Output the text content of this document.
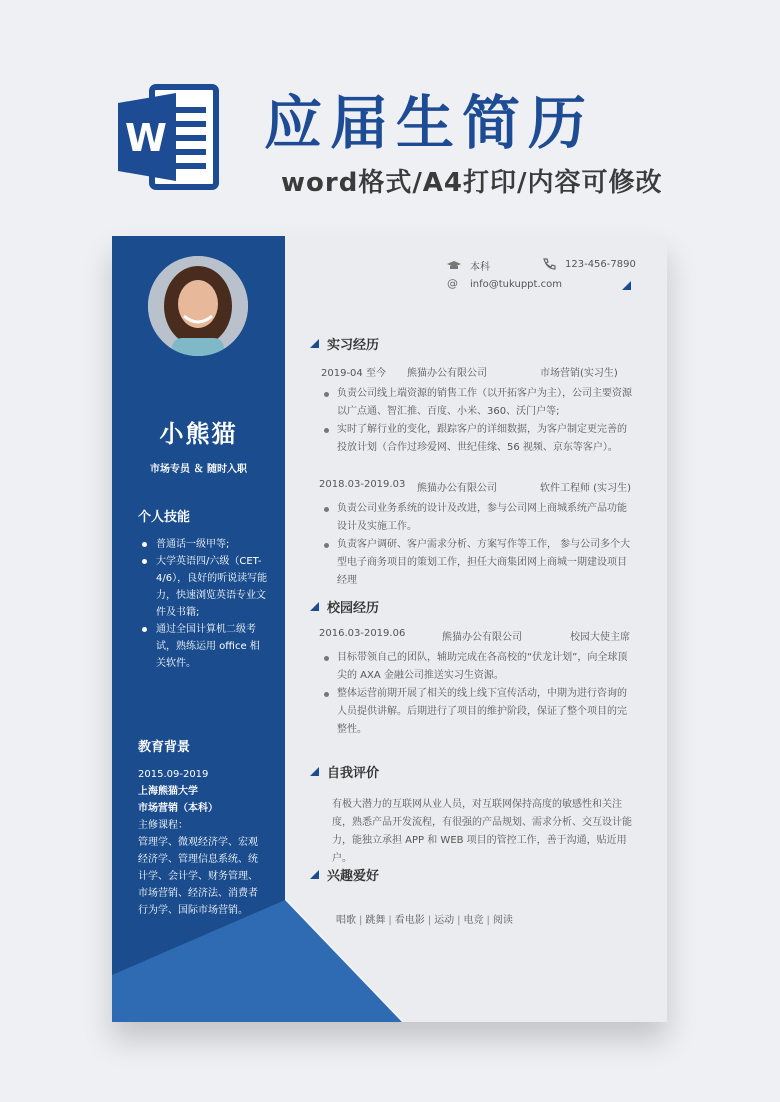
W 应届生简历
word格式/A4打印/内容可修改
小熊猫
市场专员 ＆ 随时入职
个人技能
普通话一级甲等;
大学英语四/六级（CET-4/6），良好的听说读写能力，快速浏览英语专业文件及书籍;
通过全国计算机二级考试，熟练运用 office 相关软件。
教育背景
2015.09-2019
上海熊猫大学
市场营销（本科）
主修课程：
管理学、微观经济学、宏观经济学、管理信息系统、统计学、会计学、财务管理、市场营销、经济法、消费者行为学、国际市场营销。
本科	123-456-7890
@	info@tukuppt.com
实习经历
2019-04 至今 熊猫办公有限公司	市场营销(实习生)
负责公司线上端资源的销售工作（以开拓客户为主），公司主要资源以广点通、智汇推、百度、小米、360、沃门户等;
实时了解行业的变化，跟踪客户的详细数据，为客户制定更完善的投放计划（合作过珍爱网、世纪佳缘、56 视频、京东等客户）。
2018.03-2019.03 熊猫办公有限公司	软件工程师 (实习生)
负责公司业务系统的设计及改进，参与公司网上商城系统产品功能设计及实施工作。
负责客户调研、客户需求分析、方案写作等工作， 参与公司多个大型电子商务项目的策划工作，担任大商集团网上商城一期建设项目经理
校园经历
2016.03-2019.06	熊猫办公有限公司	校园大使主席
目标带领自己的团队，辅助完成在各高校的“伏龙计划”，向全球顶尖的 AXA 金融公司推送实习生资源。
整体运营前期开展了相关的线上线下宣传活动，中期为进行咨询的人员提供讲解。后期进行了项目的维护阶段，保证了整个项目的完整性。
自我评价
有极大潜力的互联网从业人员，对互联网保持高度的敏感性和关注度，熟悉产品开发流程，有很强的产品规划、需求分析、交互设计能力，能独立承担 APP 和 WEB 项目的管控工作，善于沟通，贴近用户。
兴趣爱好
唱歌 | 跳舞 | 看电影 | 运动 | 电竞 | 阅读
